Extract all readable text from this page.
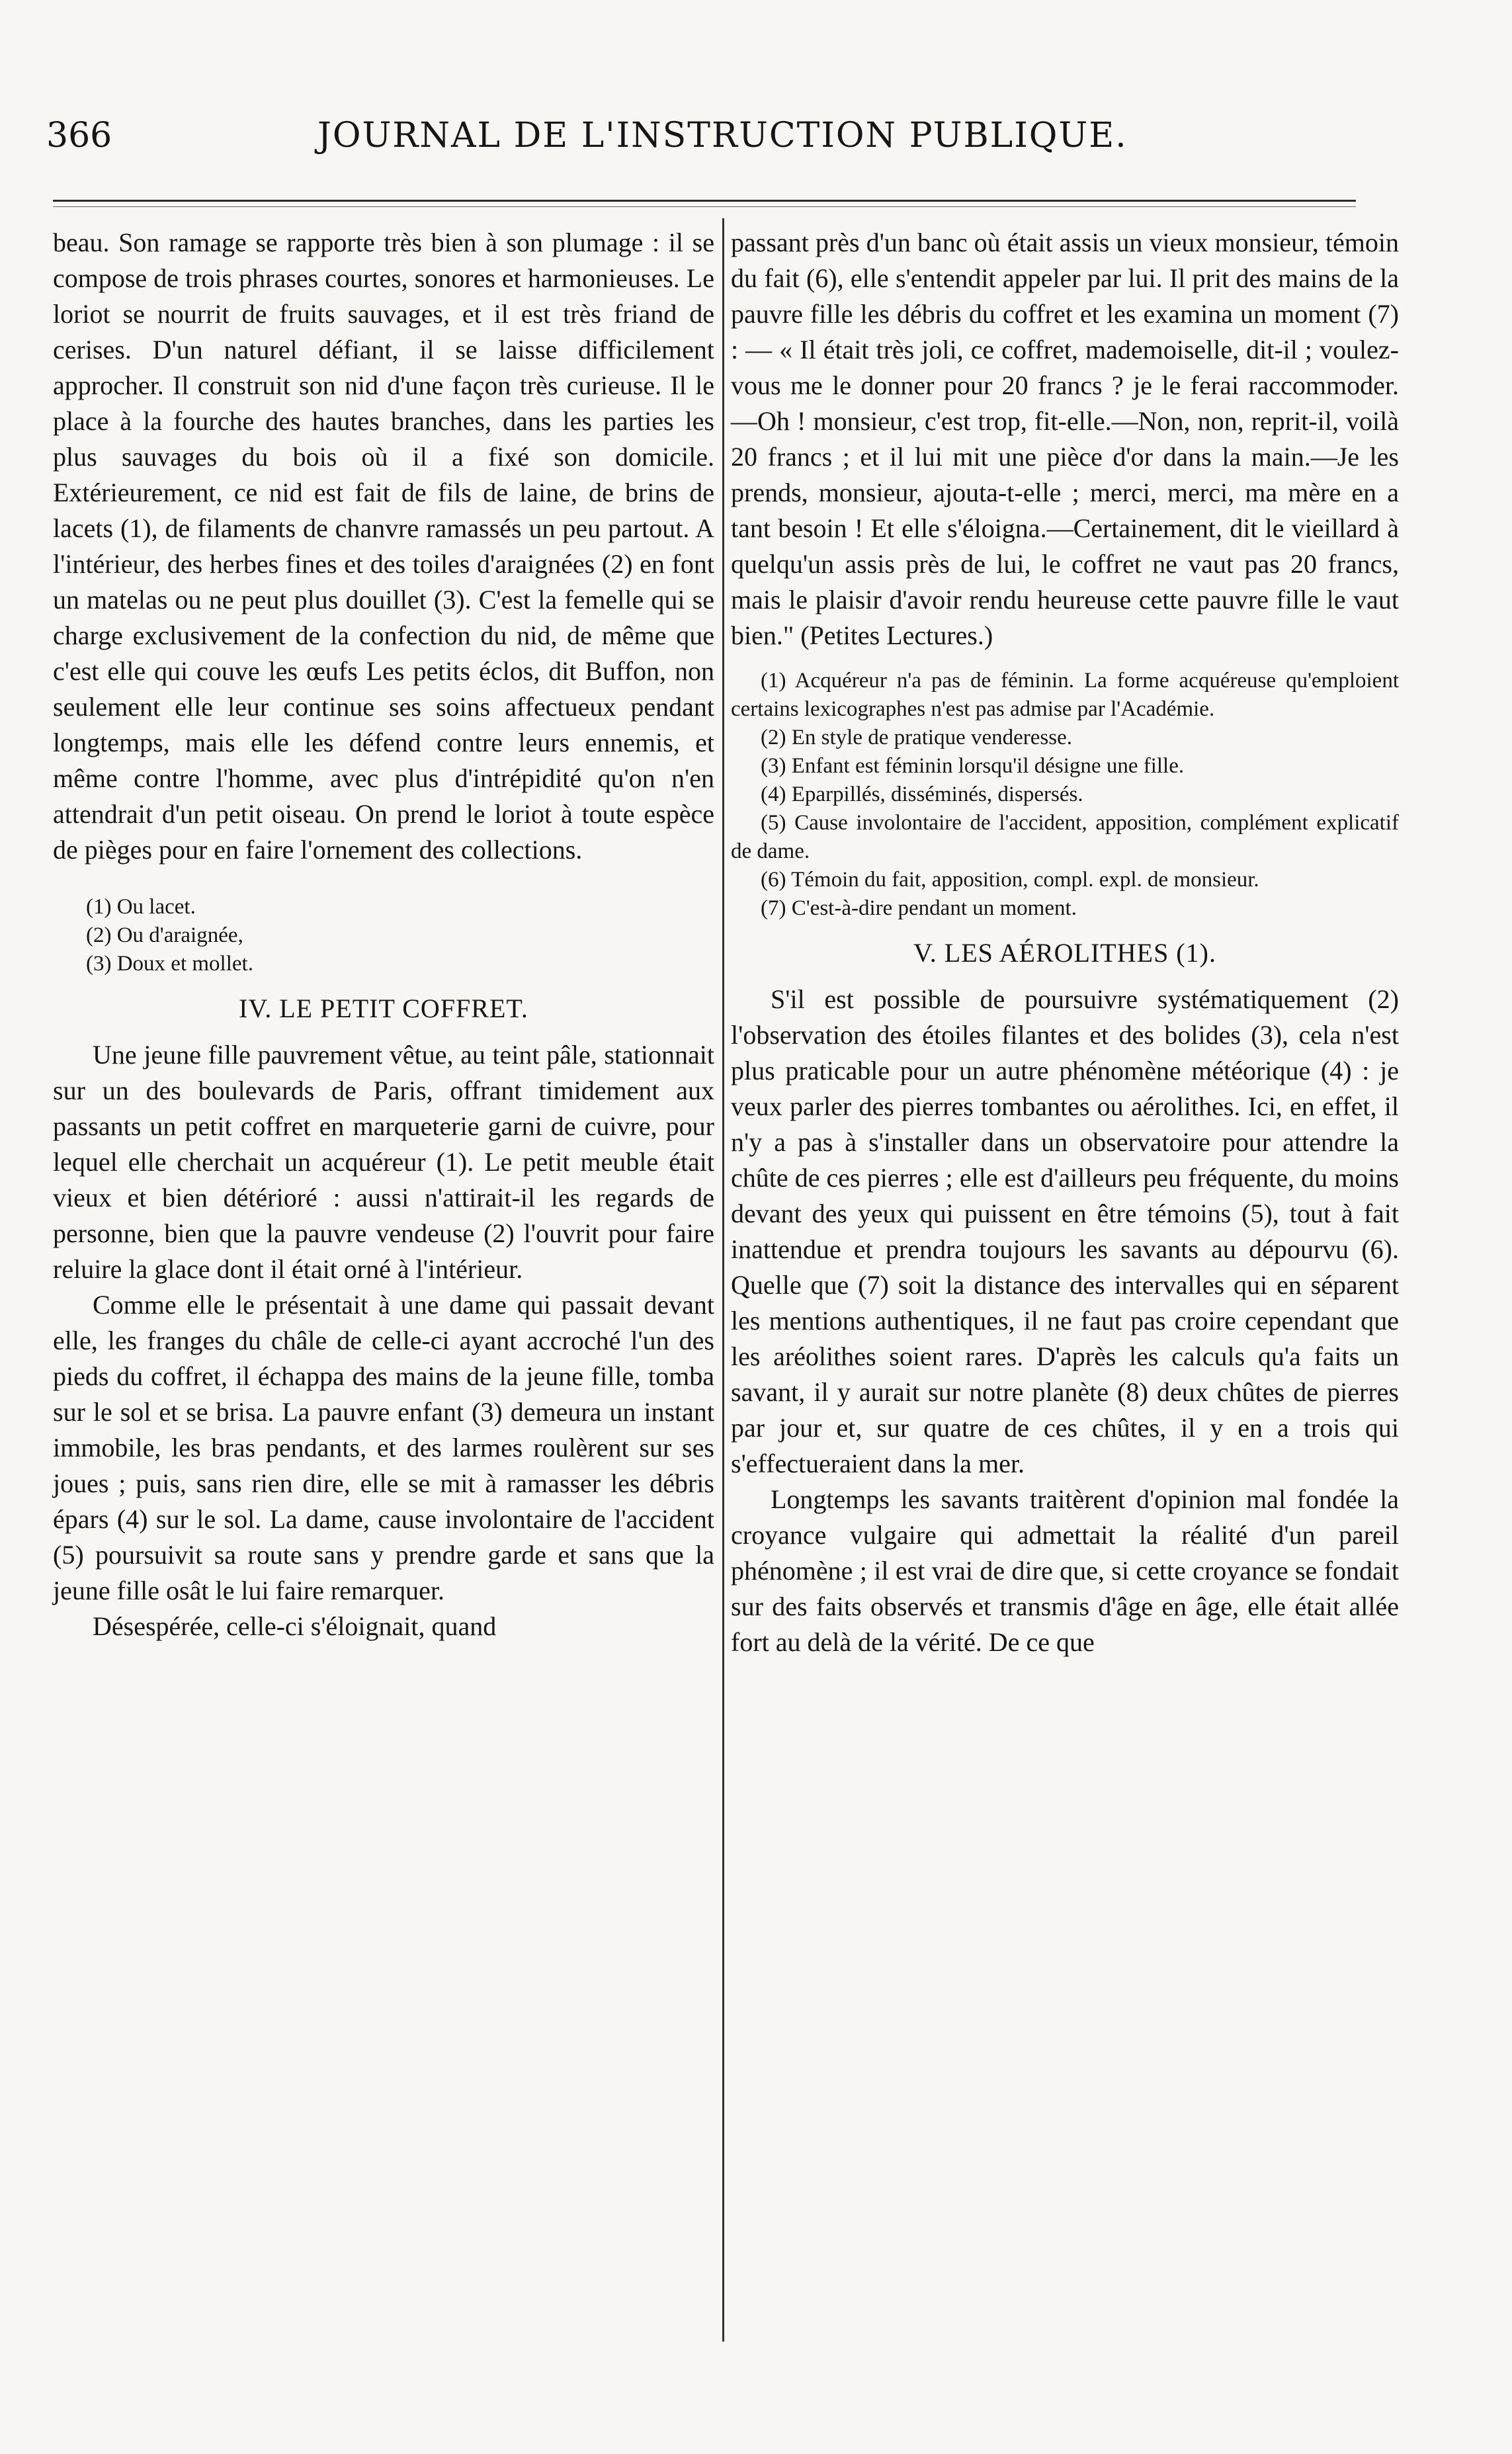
366	JOURNAL DE L'INSTRUCTION PUBLIQUE.

beau. Son ramage se rapporte très bien à son plumage : il se compose de trois phrases courtes, sonores et harmonieuses. Le loriot se nourrit de fruits sauvages, et il est très friand de cerises. D'un naturel défiant, il se laisse difficilement approcher. Il construit son nid d'une façon très curieuse. Il le place à la fourche des hautes branches, dans les parties les plus sauvages du bois où il a fixé son domicile. Extérieurement, ce nid est fait de fils de laine, de brins de lacets (1), de filaments de chanvre ramassés un peu partout. A l'intérieur, des herbes fines et des toiles d'araignées (2) en font un matelas ou ne peut plus douillet (3). C'est la femelle qui se charge exclusivement de la confection du nid, de même que c'est elle qui couve les œufs Les petits éclos, dit Buffon, non seulement elle leur continue ses soins affectueux pendant longtemps, mais elle les défend contre leurs ennemis, et même contre l'homme, avec plus d'intrépidité qu'on n'en attendrait d'un petit oiseau. On prend le loriot à toute espèce de pièges pour en faire l'ornement des collections.

(1) Ou lacet.

(2) Ou d'araignée,

(3) Doux et mollet.

IV. LE PETIT COFFRET.

Une jeune fille pauvrement vêtue, au teint pâle, stationnait sur un des boulevards de Paris, offrant timidement aux passants un petit coffret en marqueterie garni de cuivre, pour lequel elle cherchait un acquéreur (1). Le petit meuble était vieux et bien détérioré : aussi n'attirait-il les regards de personne, bien que la pauvre vendeuse (2) l'ouvrit pour faire reluire la glace dont il était orné à l'intérieur.

Comme elle le présentait à une dame qui passait devant elle, les franges du châle de celle-ci ayant accroché l'un des pieds du coffret, il échappa des mains de la jeune fille, tomba sur le sol et se brisa. La pauvre enfant (3) demeura un instant immobile, les bras pendants, et des larmes roulèrent sur ses joues ; puis, sans rien dire, elle se mit à ramasser les débris épars (4) sur le sol. La dame, cause involontaire de l'accident (5) poursuivit sa route sans y prendre garde et sans que la jeune fille osât le lui faire remarquer.

Désespérée, celle-ci s'éloignait, quand

passant près d'un banc où était assis un vieux monsieur, témoin du fait (6), elle s'entendit appeler par lui. Il prit des mains de la pauvre fille les débris du coffret et les examina un moment (7) : — « Il était très joli, ce coffret, mademoiselle, dit-il ; voulez-vous me le donner pour 20 francs ? je le ferai raccommoder. —Oh ! monsieur, c'est trop, fit-elle.—Non, non, reprit-il, voilà 20 francs ; et il lui mit une pièce d'or dans la main.—Je les prends, monsieur, ajouta-t-elle ; merci, merci, ma mère en a tant besoin ! Et elle s'éloigna.—Certainement, dit le vieillard à quelqu'un assis près de lui, le coffret ne vaut pas 20 francs, mais le plaisir d'avoir rendu heureuse cette pauvre fille le vaut bien." (Petites Lectures.)

(1) Acquéreur n'a pas de féminin. La forme acquéreuse qu'emploient certains lexicographes n'est pas admise par l'Académie.

(2) En style de pratique venderesse.

(3) Enfant est féminin lorsqu'il désigne une fille.

(4) Eparpillés, disséminés, dispersés.

(5) Cause involontaire de l'accident, apposition, complément explicatif de dame.

(6) Témoin du fait, apposition, compl. expl. de monsieur.

(7) C'est-à-dire pendant un moment.

V. LES AÉROLITHES (1).

S'il est possible de poursuivre systématiquement (2) l'observation des étoiles filantes et des bolides (3), cela n'est plus praticable pour un autre phénomène météorique (4) : je veux parler des pierres tombantes ou aérolithes. Ici, en effet, il n'y a pas à s'installer dans un observatoire pour attendre la chûte de ces pierres ; elle est d'ailleurs peu fréquente, du moins devant des yeux qui puissent en être témoins (5), tout à fait inattendue et prendra toujours les savants au dépourvu (6). Quelle que (7) soit la distance des intervalles qui en séparent les mentions authentiques, il ne faut pas croire cependant que les aréolithes soient rares. D'après les calculs qu'a faits un savant, il y aurait sur notre planète (8) deux chûtes de pierres par jour et, sur quatre de ces chûtes, il y en a trois qui s'effectueraient dans la mer.

Longtemps les savants traitèrent d'opinion mal fondée la croyance vulgaire qui admettait la réalité d'un pareil phénomène ; il est vrai de dire que, si cette croyance se fondait sur des faits observés et transmis d'âge en âge, elle était allée fort au delà de la vérité. De ce que
